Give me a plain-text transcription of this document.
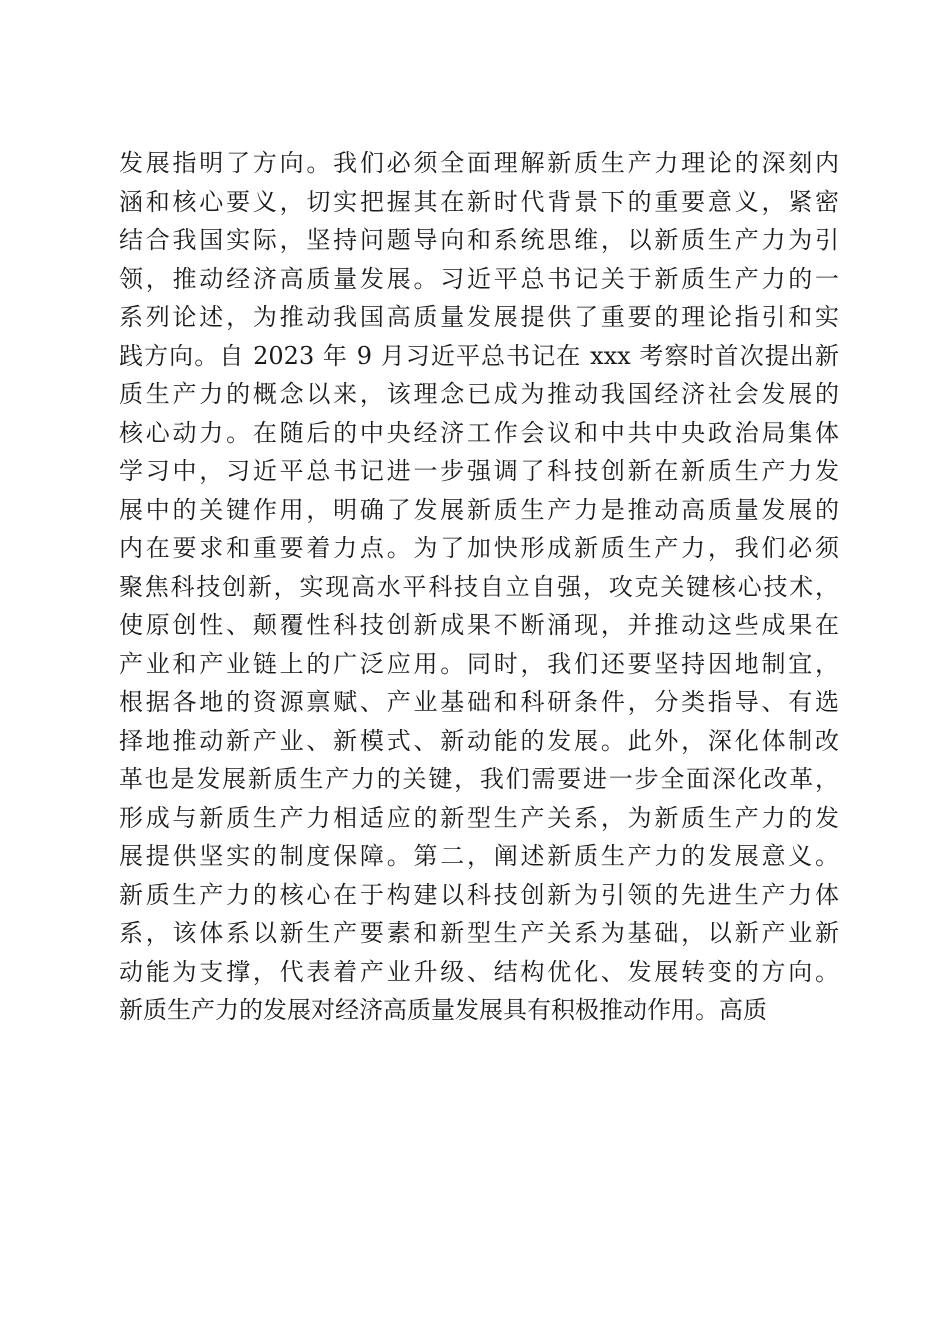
发展指明了方向。我们必须全面理解新质生产力理论的深刻内
涵和核心要义，切实把握其在新时代背景下的重要意义，紧密
结合我国实际，坚持问题导向和系统思维，以新质生产力为引
领，推动经济高质量发展。习近平总书记关于新质生产力的一
系列论述，为推动我国高质量发展提供了重要的理论指引和实
践方向。自 2023 年 9 月习近平总书记在 xxx 考察时首次提出新
质生产力的概念以来，该理念已成为推动我国经济社会发展的
核心动力。在随后的中央经济工作会议和中共中央政治局集体
学习中，习近平总书记进一步强调了科技创新在新质生产力发
展中的关键作用，明确了发展新质生产力是推动高质量发展的
内在要求和重要着力点。为了加快形成新质生产力，我们必须
聚焦科技创新，实现高水平科技自立自强，攻克关键核心技术，
使原创性、颠覆性科技创新成果不断涌现，并推动这些成果在
产业和产业链上的广泛应用。同时，我们还要坚持因地制宜，
根据各地的资源禀赋、产业基础和科研条件，分类指导、有选
择地推动新产业、新模式、新动能的发展。此外，深化体制改
革也是发展新质生产力的关键，我们需要进一步全面深化改革，
形成与新质生产力相适应的新型生产关系，为新质生产力的发
展提供坚实的制度保障。第二，阐述新质生产力的发展意义。
新质生产力的核心在于构建以科技创新为引领的先进生产力体
系，该体系以新生产要素和新型生产关系为基础，以新产业新
动能为支撑，代表着产业升级、结构优化、发展转变的方向。
新质生产力的发展对经济高质量发展具有积极推动作用。高质
